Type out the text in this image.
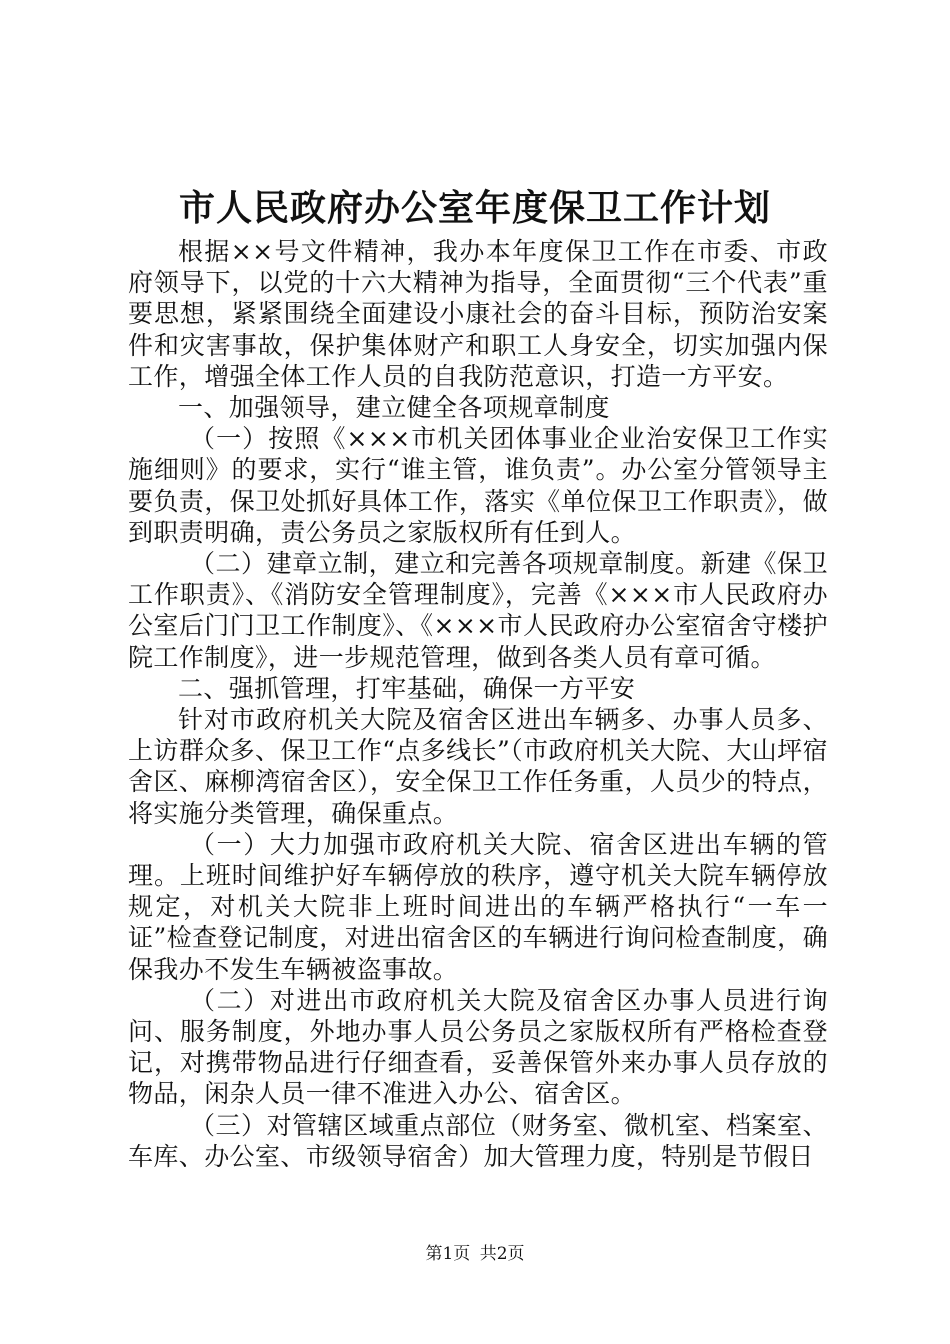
市人民政府办公室年度保卫工作计划

根据××号文件精神，我办本年度保卫工作在市委、市政府领导下，以党的十六大精神为指导，全面贯彻“三个代表”重要思想，紧紧围绕全面建设小康社会的奋斗目标，预防治安案件和灾害事故，保护集体财产和职工人身安全，切实加强内保工作，增强全体工作人员的自我防范意识，打造一方平安。

一、加强领导，建立健全各项规章制度

（一）按照《×××市机关团体事业企业治安保卫工作实施细则》的要求，实行“谁主管，谁负责”。办公室分管领导主要负责，保卫处抓好具体工作，落实《单位保卫工作职责》，做到职责明确，责公务员之家版权所有任到人。

（二）建章立制，建立和完善各项规章制度。新建《保卫工作职责》、《消防安全管理制度》，完善《×××市人民政府办公室后门门卫工作制度》、《×××市人民政府办公室宿舍守楼护院工作制度》，进一步规范管理，做到各类人员有章可循。

二、强抓管理，打牢基础，确保一方平安

针对市政府机关大院及宿舍区进出车辆多、办事人员多、上访群众多、保卫工作“点多线长”（市政府机关大院、大山坪宿舍区、麻柳湾宿舍区），安全保卫工作任务重，人员少的特点，将实施分类管理，确保重点。

（一）大力加强市政府机关大院、宿舍区进出车辆的管理。上班时间维护好车辆停放的秩序，遵守机关大院车辆停放规定，对机关大院非上班时间进出的车辆严格执行“一车一证”检查登记制度，对进出宿舍区的车辆进行询问检查制度，确保我办不发生车辆被盗事故。

（二）对进出市政府机关大院及宿舍区办事人员进行询问、服务制度，外地办事人员公务员之家版权所有严格检查登记，对携带物品进行仔细查看，妥善保管外来办事人员存放的物品，闲杂人员一律不准进入办公、宿舍区。

（三）对管辖区域重点部位（财务室、微机室、档案室、车库、办公室、市级领导宿舍）加大管理力度，特别是节假日

第1页 共2页
